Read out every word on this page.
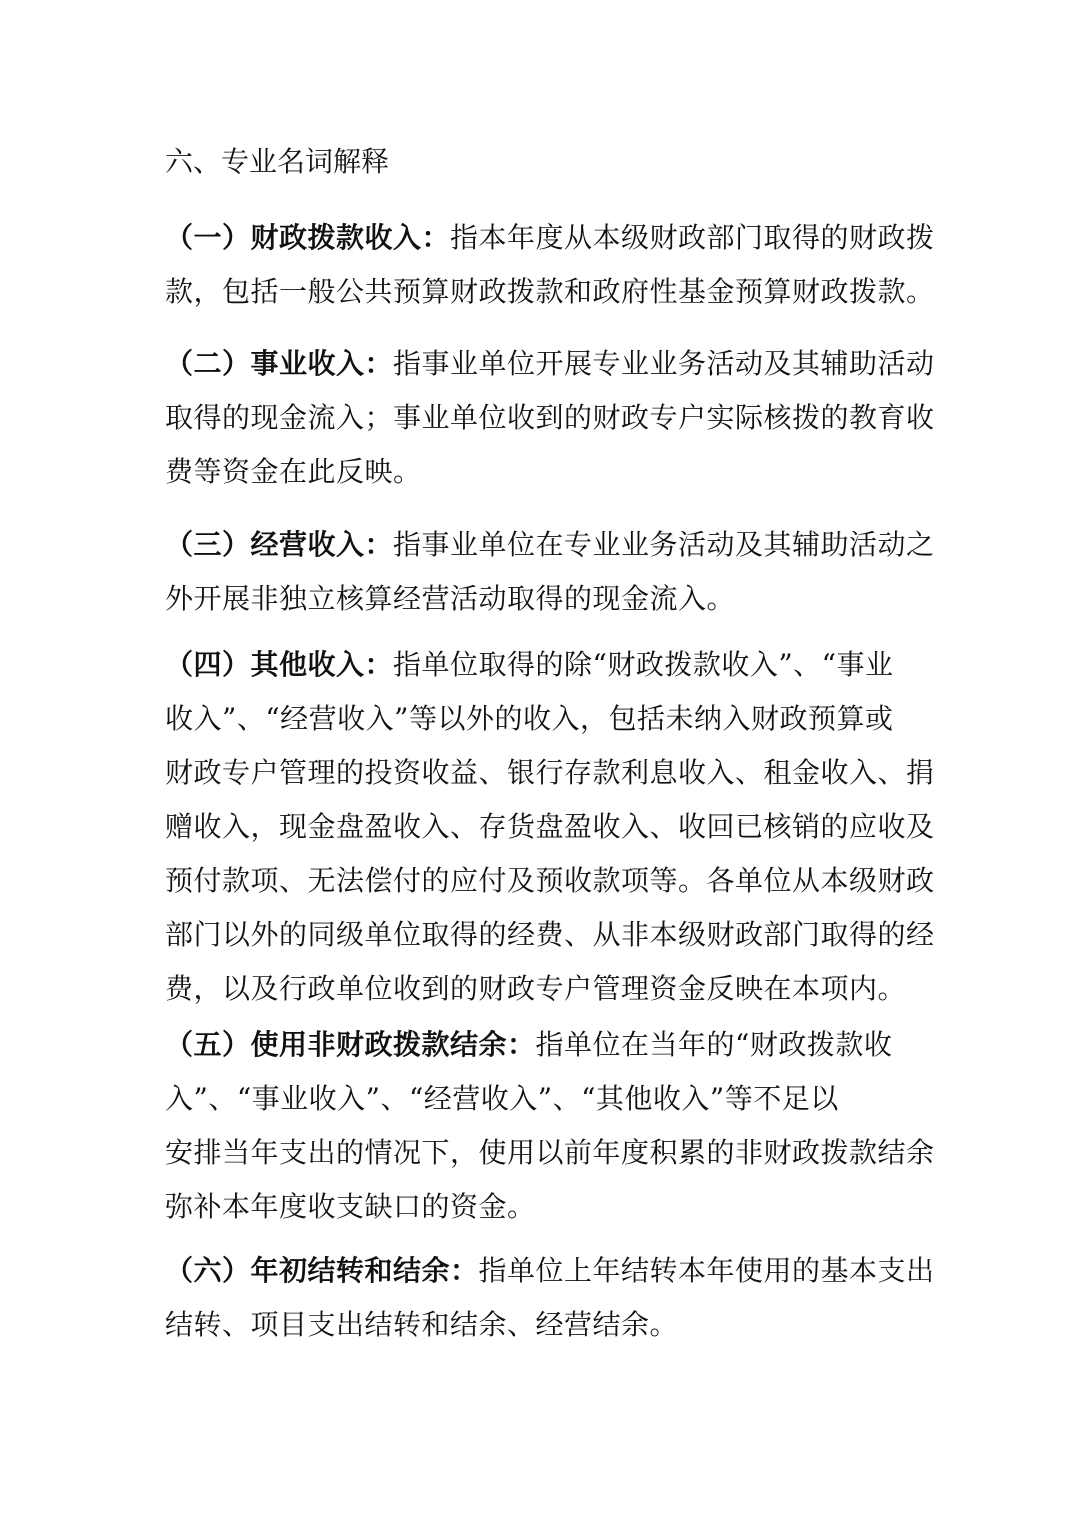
六、专业名词解释
（一）财政拨款收入：指本年度从本级财政部门取得的财政拨
款，包括一般公共预算财政拨款和政府性基金预算财政拨款。
（二）事业收入：指事业单位开展专业业务活动及其辅助活动
取得的现金流入；事业单位收到的财政专户实际核拨的教育收
费等资金在此反映。
（三）经营收入：指事业单位在专业业务活动及其辅助活动之
外开展非独立核算经营活动取得的现金流入。
（四）其他收入：指单位取得的除“财政拨款收入”、“事业
收入”、“经营收入”等以外的收入，包括未纳入财政预算或
财政专户管理的投资收益、银行存款利息收入、租金收入、捐
赠收入，现金盘盈收入、存货盘盈收入、收回已核销的应收及
预付款项、无法偿付的应付及预收款项等。各单位从本级财政
部门以外的同级单位取得的经费、从非本级财政部门取得的经
费，以及行政单位收到的财政专户管理资金反映在本项内。
（五）使用非财政拨款结余：指单位在当年的“财政拨款收
入”、“事业收入”、“经营收入”、“其他收入”等不足以
安排当年支出的情况下，使用以前年度积累的非财政拨款结余
弥补本年度收支缺口的资金。
（六）年初结转和结余：指单位上年结转本年使用的基本支出
结转、项目支出结转和结余、经营结余。
